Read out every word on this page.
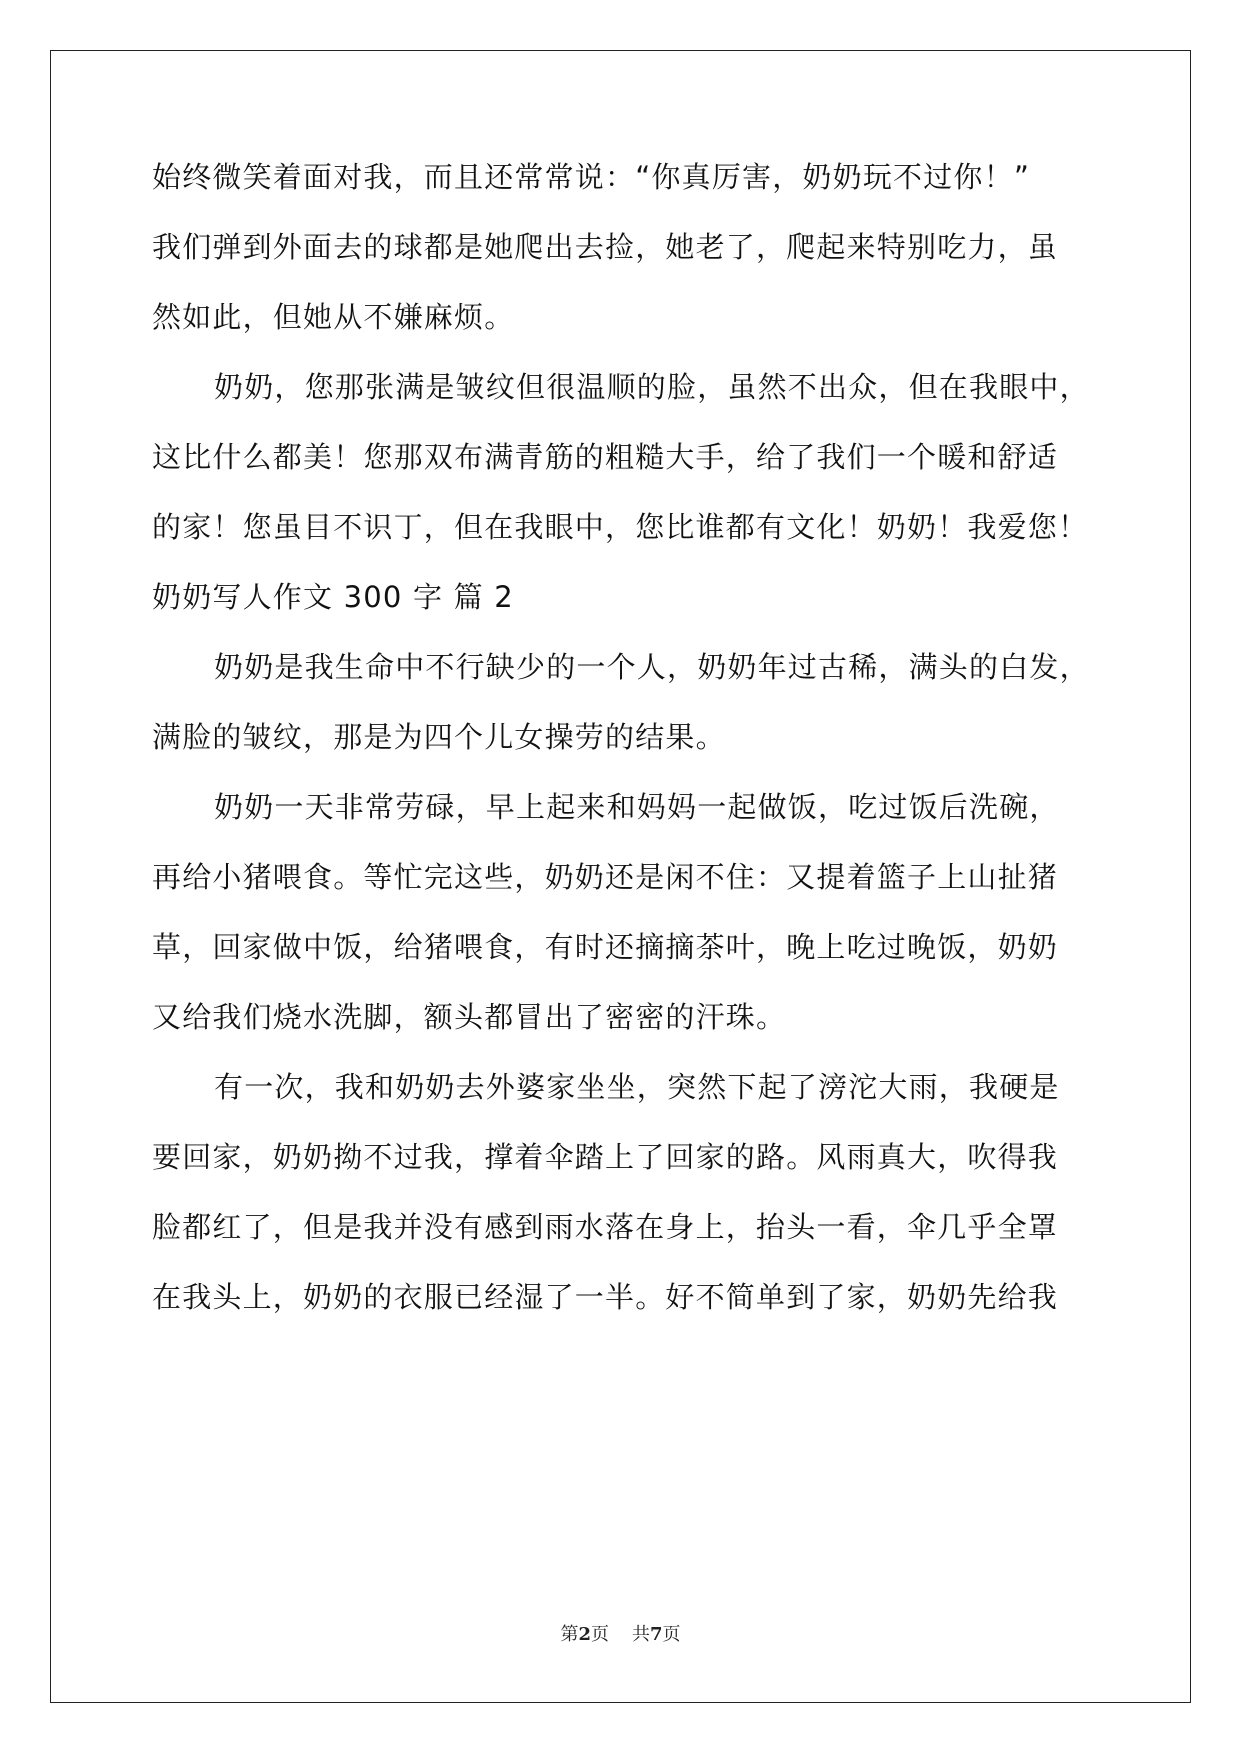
始终微笑着面对我，而且还常常说：“你真厉害，奶奶玩不过你！”
我们弹到外面去的球都是她爬出去捡，她老了，爬起来特别吃力，虽
然如此，但她从不嫌麻烦。
奶奶，您那张满是皱纹但很温顺的脸，虽然不出众，但在我眼中，
这比什么都美！您那双布满青筋的粗糙大手，给了我们一个暖和舒适
的家！您虽目不识丁，但在我眼中，您比谁都有文化！奶奶！我爱您！
奶奶写人作文 300 字 篇 2
奶奶是我生命中不行缺少的一个人，奶奶年过古稀，满头的白发，
满脸的皱纹，那是为四个儿女操劳的结果。
奶奶一天非常劳碌，早上起来和妈妈一起做饭，吃过饭后洗碗，
再给小猪喂食。等忙完这些，奶奶还是闲不住：又提着篮子上山扯猪
草，回家做中饭，给猪喂食，有时还摘摘茶叶，晚上吃过晚饭，奶奶
又给我们烧水洗脚，额头都冒出了密密的汗珠。
有一次，我和奶奶去外婆家坐坐，突然下起了滂沱大雨，我硬是
要回家，奶奶拗不过我，撑着伞踏上了回家的路。风雨真大，吹得我
脸都红了，但是我并没有感到雨水落在身上，抬头一看，伞几乎全罩
在我头上，奶奶的衣服已经湿了一半。好不简单到了家，奶奶先给我
第2页 共7页
